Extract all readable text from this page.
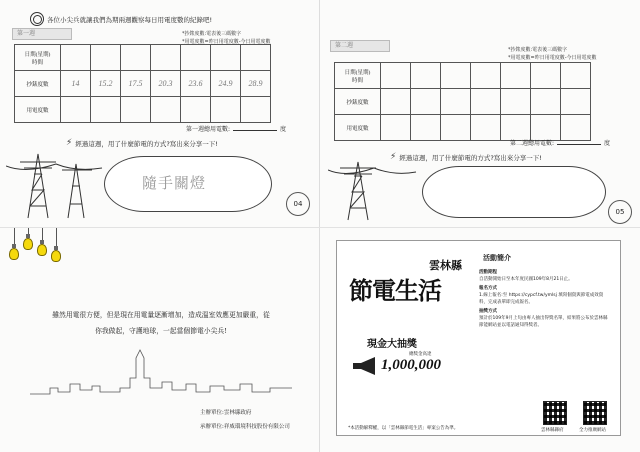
各位小尖兵就讓我們為期兩週觀察每日用電度數的紀錄吧!
第一週	*抄錶度數:電表後三碼數字
*用電度數=昨日用電度數-今日用電度數
日期(星期)
時間							

抄錶度數	14	15.2	17.5	20.3	23.6	24.9	28.9
用電度數							
第一週總用電數:	度
⚡ 經過這週，用了什麼節電的方式?寫出來分享一下!
隨手關燈
04
第二週
*抄錶度數:電表後三碼數字
*用電度數=昨日用電度數-今日用電度數
日期(星期)
時間							

抄錶度數							
用電度數							
第二週總用電數:	度
⚡ 經過這週，用了什麼節電的方式?寫出來分享一下!
05
雖然用電很方便，但是現在用電量逐漸增加，造成溫室效應更加嚴重，從
你我做起，守護地球，一起當個節電小尖兵!
主辦單位:雲林縣政府
承辦單位:祥威環境科技股份有限公司
雲林縣
節電生活
現金大抽獎
總獎金高達
1,000,000
活動簡介
活動期程
自活動開始日至本年度民國109年8月21日止。
報名方式
1.線上報名:至 https://cypcf.tw/ymlsj 填寫個資與節電成效資料，完成表單即完成報名。
抽獎方式
預計於109年9月上旬由專人抽出得獎名單，結果將公布於雲林縣節能網站並以電話通知得獎者。
雲林縣縣府	全力推廣網站
*本活動解釋權，以「雲林縣節電生活」專案公告為準。
